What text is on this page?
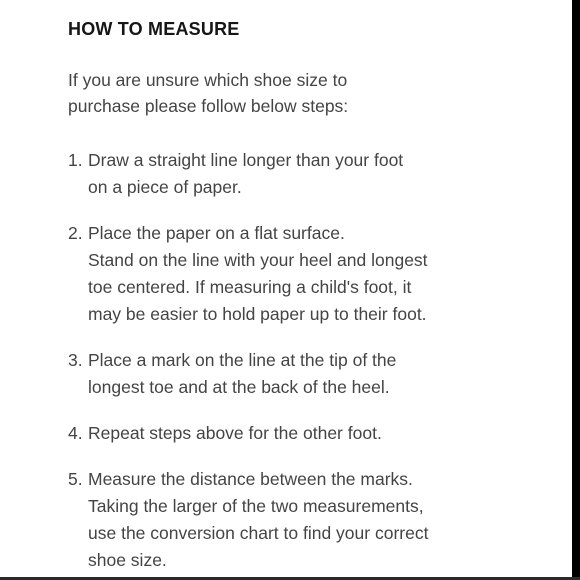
HOW TO MEASURE
If you are unsure which shoe size to
purchase please follow below steps:
1. Draw a straight line longer than your foot
on a piece of paper.
2. Place the paper on a flat surface.
Stand on the line with your heel and longest
toe centered. If measuring a child's foot, it
may be easier to hold paper up to their foot.
3. Place a mark on the line at the tip of the
longest toe and at the back of the heel.
4. Repeat steps above for the other foot.
5. Measure the distance between the marks.
Taking the larger of the two measurements,
use the conversion chart to find your correct
shoe size.
